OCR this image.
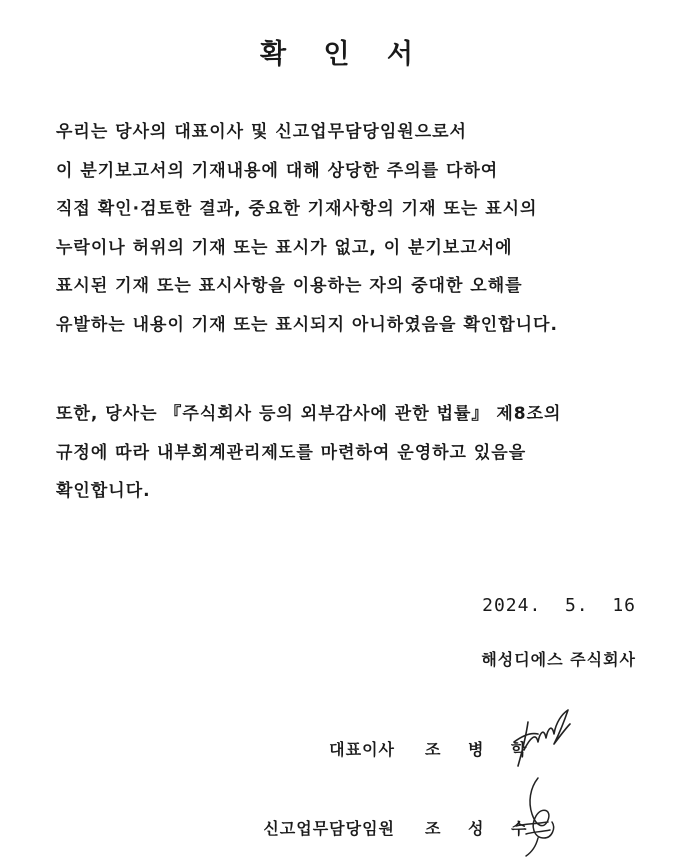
확 인 서

우리는 당사의 대표이사 및 신고업무담당임원으로서
이 분기보고서의 기재내용에 대해 상당한 주의를 다하여
직접 확인·검토한 결과, 중요한 기재사항의 기재 또는 표시의
누락이나 허위의 기재 또는 표시가 없고, 이 분기보고서에
표시된 기재 또는 표시사항을 이용하는 자의 중대한 오해를
유발하는 내용이 기재 또는 표시되지 아니하였음을 확인합니다.

또한, 당사는 『주식회사 등의 외부감사에 관한 법률』 제8조의
규정에 따라 내부회계관리제도를 마련하여 운영하고 있음을
확인합니다.

2024.  5.  16
해성디에스 주식회사
대표이사 조 병 학
신고업무담당임원 조 성 수
